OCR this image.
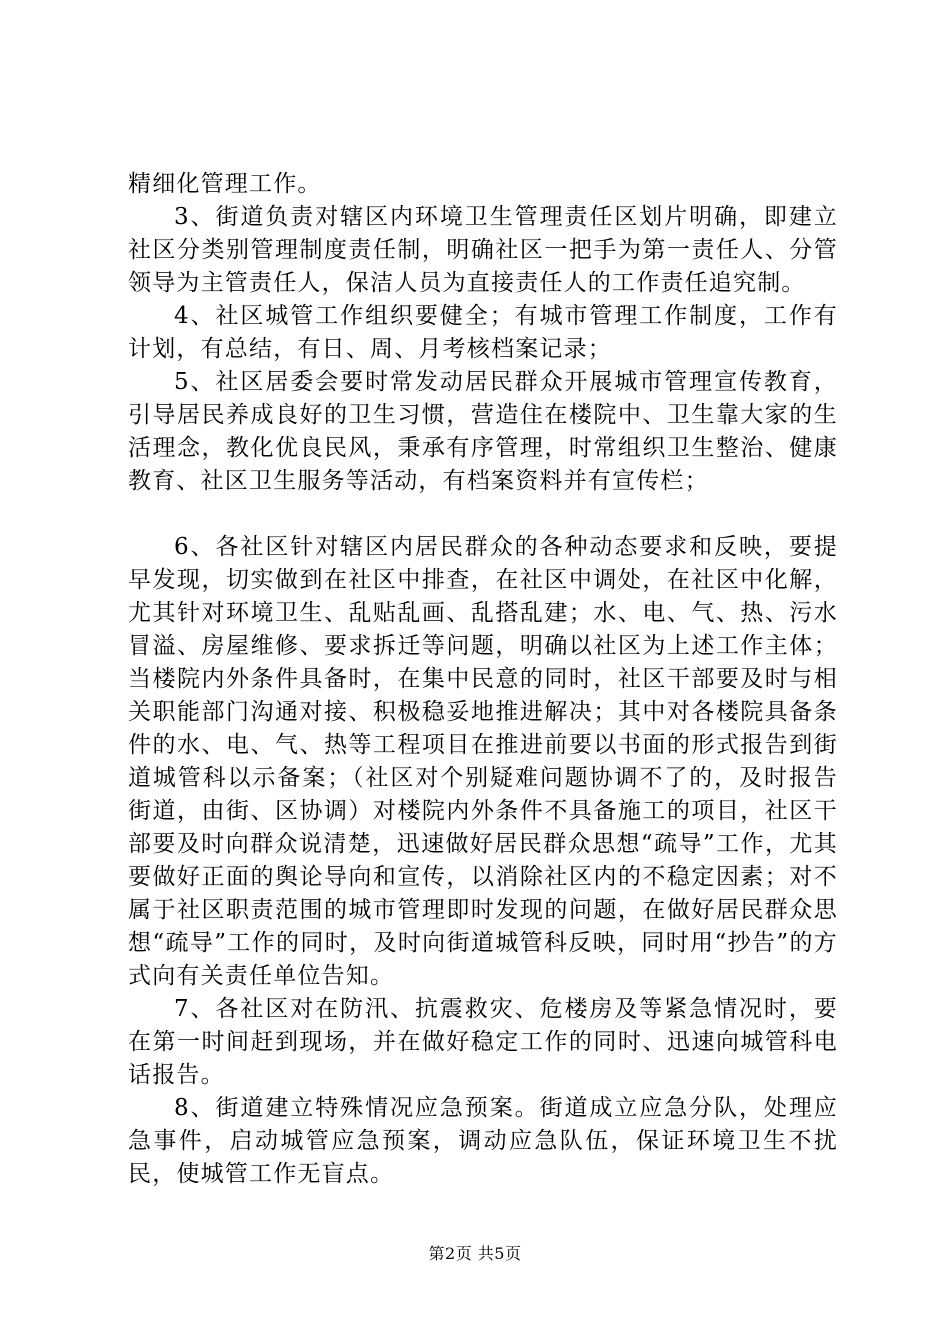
精细化管理工作。

3、街道负责对辖区内环境卫生管理责任区划片明确，即建立社区分类别管理制度责任制，明确社区一把手为第一责任人、分管领导为主管责任人，保洁人员为直接责任人的工作责任追究制。

4、社区城管工作组织要健全；有城市管理工作制度，工作有计划，有总结，有日、周、月考核档案记录；

5、社区居委会要时常发动居民群众开展城市管理宣传教育，引导居民养成良好的卫生习惯，营造住在楼院中、卫生靠大家的生活理念，教化优良民风，秉承有序管理，时常组织卫生整治、健康教育、社区卫生服务等活动，有档案资料并有宣传栏；

6、各社区针对辖区内居民群众的各种动态要求和反映，要提早发现，切实做到在社区中排查，在社区中调处，在社区中化解，尤其针对环境卫生、乱贴乱画、乱搭乱建；水、电、气、热、污水冒溢、房屋维修、要求拆迁等问题，明确以社区为上述工作主体；当楼院内外条件具备时，在集中民意的同时，社区干部要及时与相关职能部门沟通对接、积极稳妥地推进解决；其中对各楼院具备条件的水、电、气、热等工程项目在推进前要以书面的形式报告到街道城管科以示备案；（社区对个别疑难问题协调不了的，及时报告街道，由街、区协调）对楼院内外条件不具备施工的项目，社区干部要及时向群众说清楚，迅速做好居民群众思想“疏导”工作，尤其要做好正面的舆论导向和宣传，以消除社区内的不稳定因素；对不属于社区职责范围的城市管理即时发现的问题，在做好居民群众思想“疏导”工作的同时，及时向街道城管科反映，同时用“抄告”的方式向有关责任单位告知。

7、各社区对在防汛、抗震救灾、危楼房及等紧急情况时，要在第一时间赶到现场，并在做好稳定工作的同时、迅速向城管科电话报告。

8、街道建立特殊情况应急预案。街道成立应急分队，处理应急事件，启动城管应急预案，调动应急队伍，保证环境卫生不扰民，使城管工作无盲点。

第2页 共5页
